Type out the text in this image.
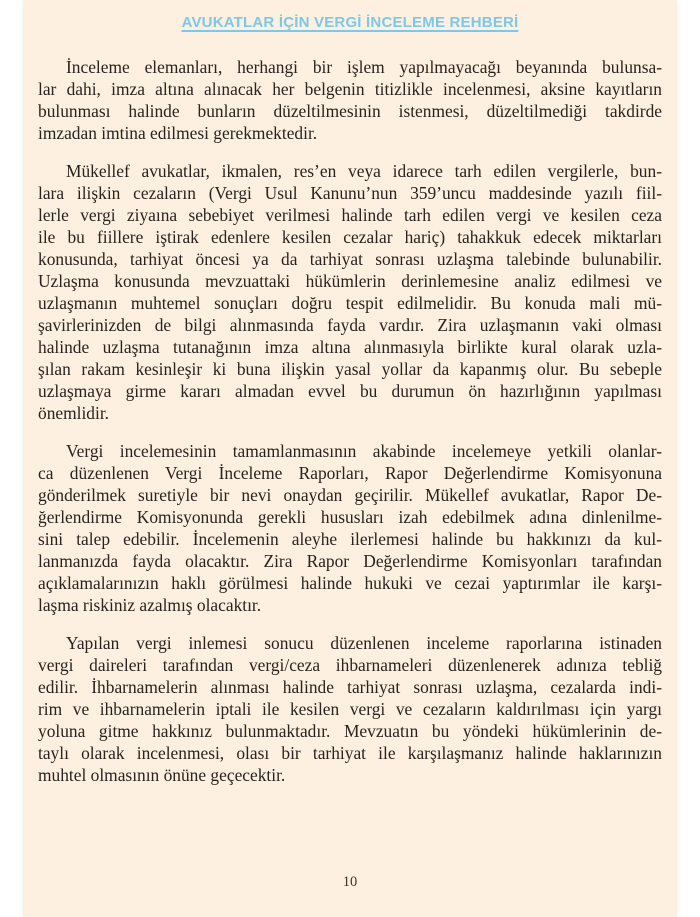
AVUKATLAR İÇİN VERGİ İNCELEME REHBERİ
İnceleme elemanları, herhangi bir işlem yapılmayacağı beyanında bulunsa-
lar dahi, imza altına alınacak her belgenin titizlikle incelenmesi, aksine kayıtların
bulunması halinde bunların düzeltilmesinin istenmesi, düzeltilmediği takdirde
imzadan imtina edilmesi gerekmektedir.
Mükellef avukatlar, ikmalen, res’en veya idarece tarh edilen vergilerle, bun-
lara ilişkin cezaların (Vergi Usul Kanunu’nun 359’uncu maddesinde yazılı fiil-
lerle vergi ziyaına sebebiyet verilmesi halinde tarh edilen vergi ve kesilen ceza
ile bu fiillere iştirak edenlere kesilen cezalar hariç) tahakkuk edecek miktarları
konusunda, tarhiyat öncesi ya da tarhiyat sonrası uzlaşma talebinde bulunabilir.
Uzlaşma konusunda mevzuattaki hükümlerin derinlemesine analiz edilmesi ve
uzlaşmanın muhtemel sonuçları doğru tespit edilmelidir. Bu konuda mali mü-
şavirlerinizden de bilgi alınmasında fayda vardır. Zira uzlaşmanın vaki olması
halinde uzlaşma tutanağının imza altına alınmasıyla birlikte kural olarak uzla-
şılan rakam kesinleşir ki buna ilişkin yasal yollar da kapanmış olur. Bu sebeple
uzlaşmaya girme kararı almadan evvel bu durumun ön hazırlığının yapılması
önemlidir.
Vergi incelemesinin tamamlanmasının akabinde incelemeye yetkili olanlar-
ca düzenlenen Vergi İnceleme Raporları, Rapor Değerlendirme Komisyonuna
gönderilmek suretiyle bir nevi onaydan geçirilir. Mükellef avukatlar, Rapor De-
ğerlendirme Komisyonunda gerekli hususları izah edebilmek adına dinlenilme-
sini talep edebilir. İncelemenin aleyhe ilerlemesi halinde bu hakkınızı da kul-
lanmanızda fayda olacaktır. Zira Rapor Değerlendirme Komisyonları tarafından
açıklamalarınızın haklı görülmesi halinde hukuki ve cezai yaptırımlar ile karşı-
laşma riskiniz azalmış olacaktır.
Yapılan vergi inlemesi sonucu düzenlenen inceleme raporlarına istinaden
vergi daireleri tarafından vergi/ceza ihbarnameleri düzenlenerek adınıza tebliğ
edilir. İhbarnamelerin alınması halinde tarhiyat sonrası uzlaşma, cezalarda indi-
rim ve ihbarnamelerin iptali ile kesilen vergi ve cezaların kaldırılması için yargı
yoluna gitme hakkınız bulunmaktadır. Mevzuatın bu yöndeki hükümlerinin de-
taylı olarak incelenmesi, olası bir tarhiyat ile karşılaşmanız halinde haklarınızın
muhtel olmasının önüne geçecektir.
10
